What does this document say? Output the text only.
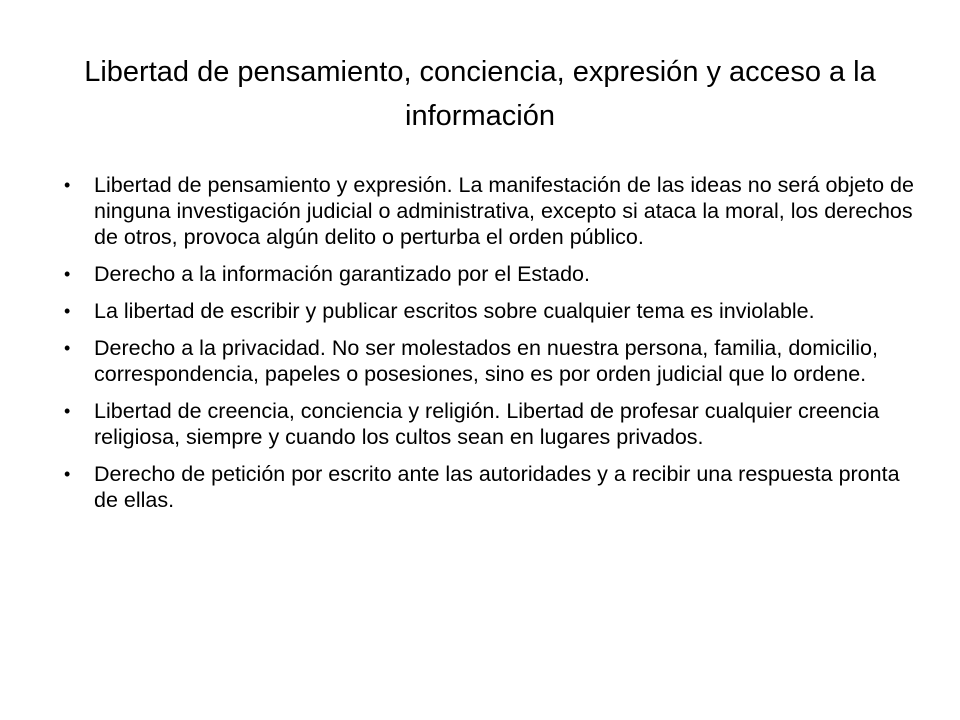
Libertad de pensamiento, conciencia, expresión y acceso a la información
•	Libertad de pensamiento y expresión. La manifestación de las ideas no será objeto de ninguna investigación judicial o administrativa, excepto si ataca la moral, los derechos de otros, provoca algún delito o perturba el orden público.
•	Derecho a la información garantizado por el Estado.
•	La libertad de escribir y publicar escritos sobre cualquier tema es inviolable.
•	Derecho a la privacidad. No ser molestados en nuestra persona, familia, domicilio, correspondencia, papeles o posesiones, sino es por orden judicial que lo ordene.
•	Libertad de creencia, conciencia y religión. Libertad de profesar cualquier creencia religiosa, siempre y cuando los cultos sean en lugares privados.
•	Derecho de petición por escrito ante las autoridades y a recibir una respuesta pronta de ellas.
